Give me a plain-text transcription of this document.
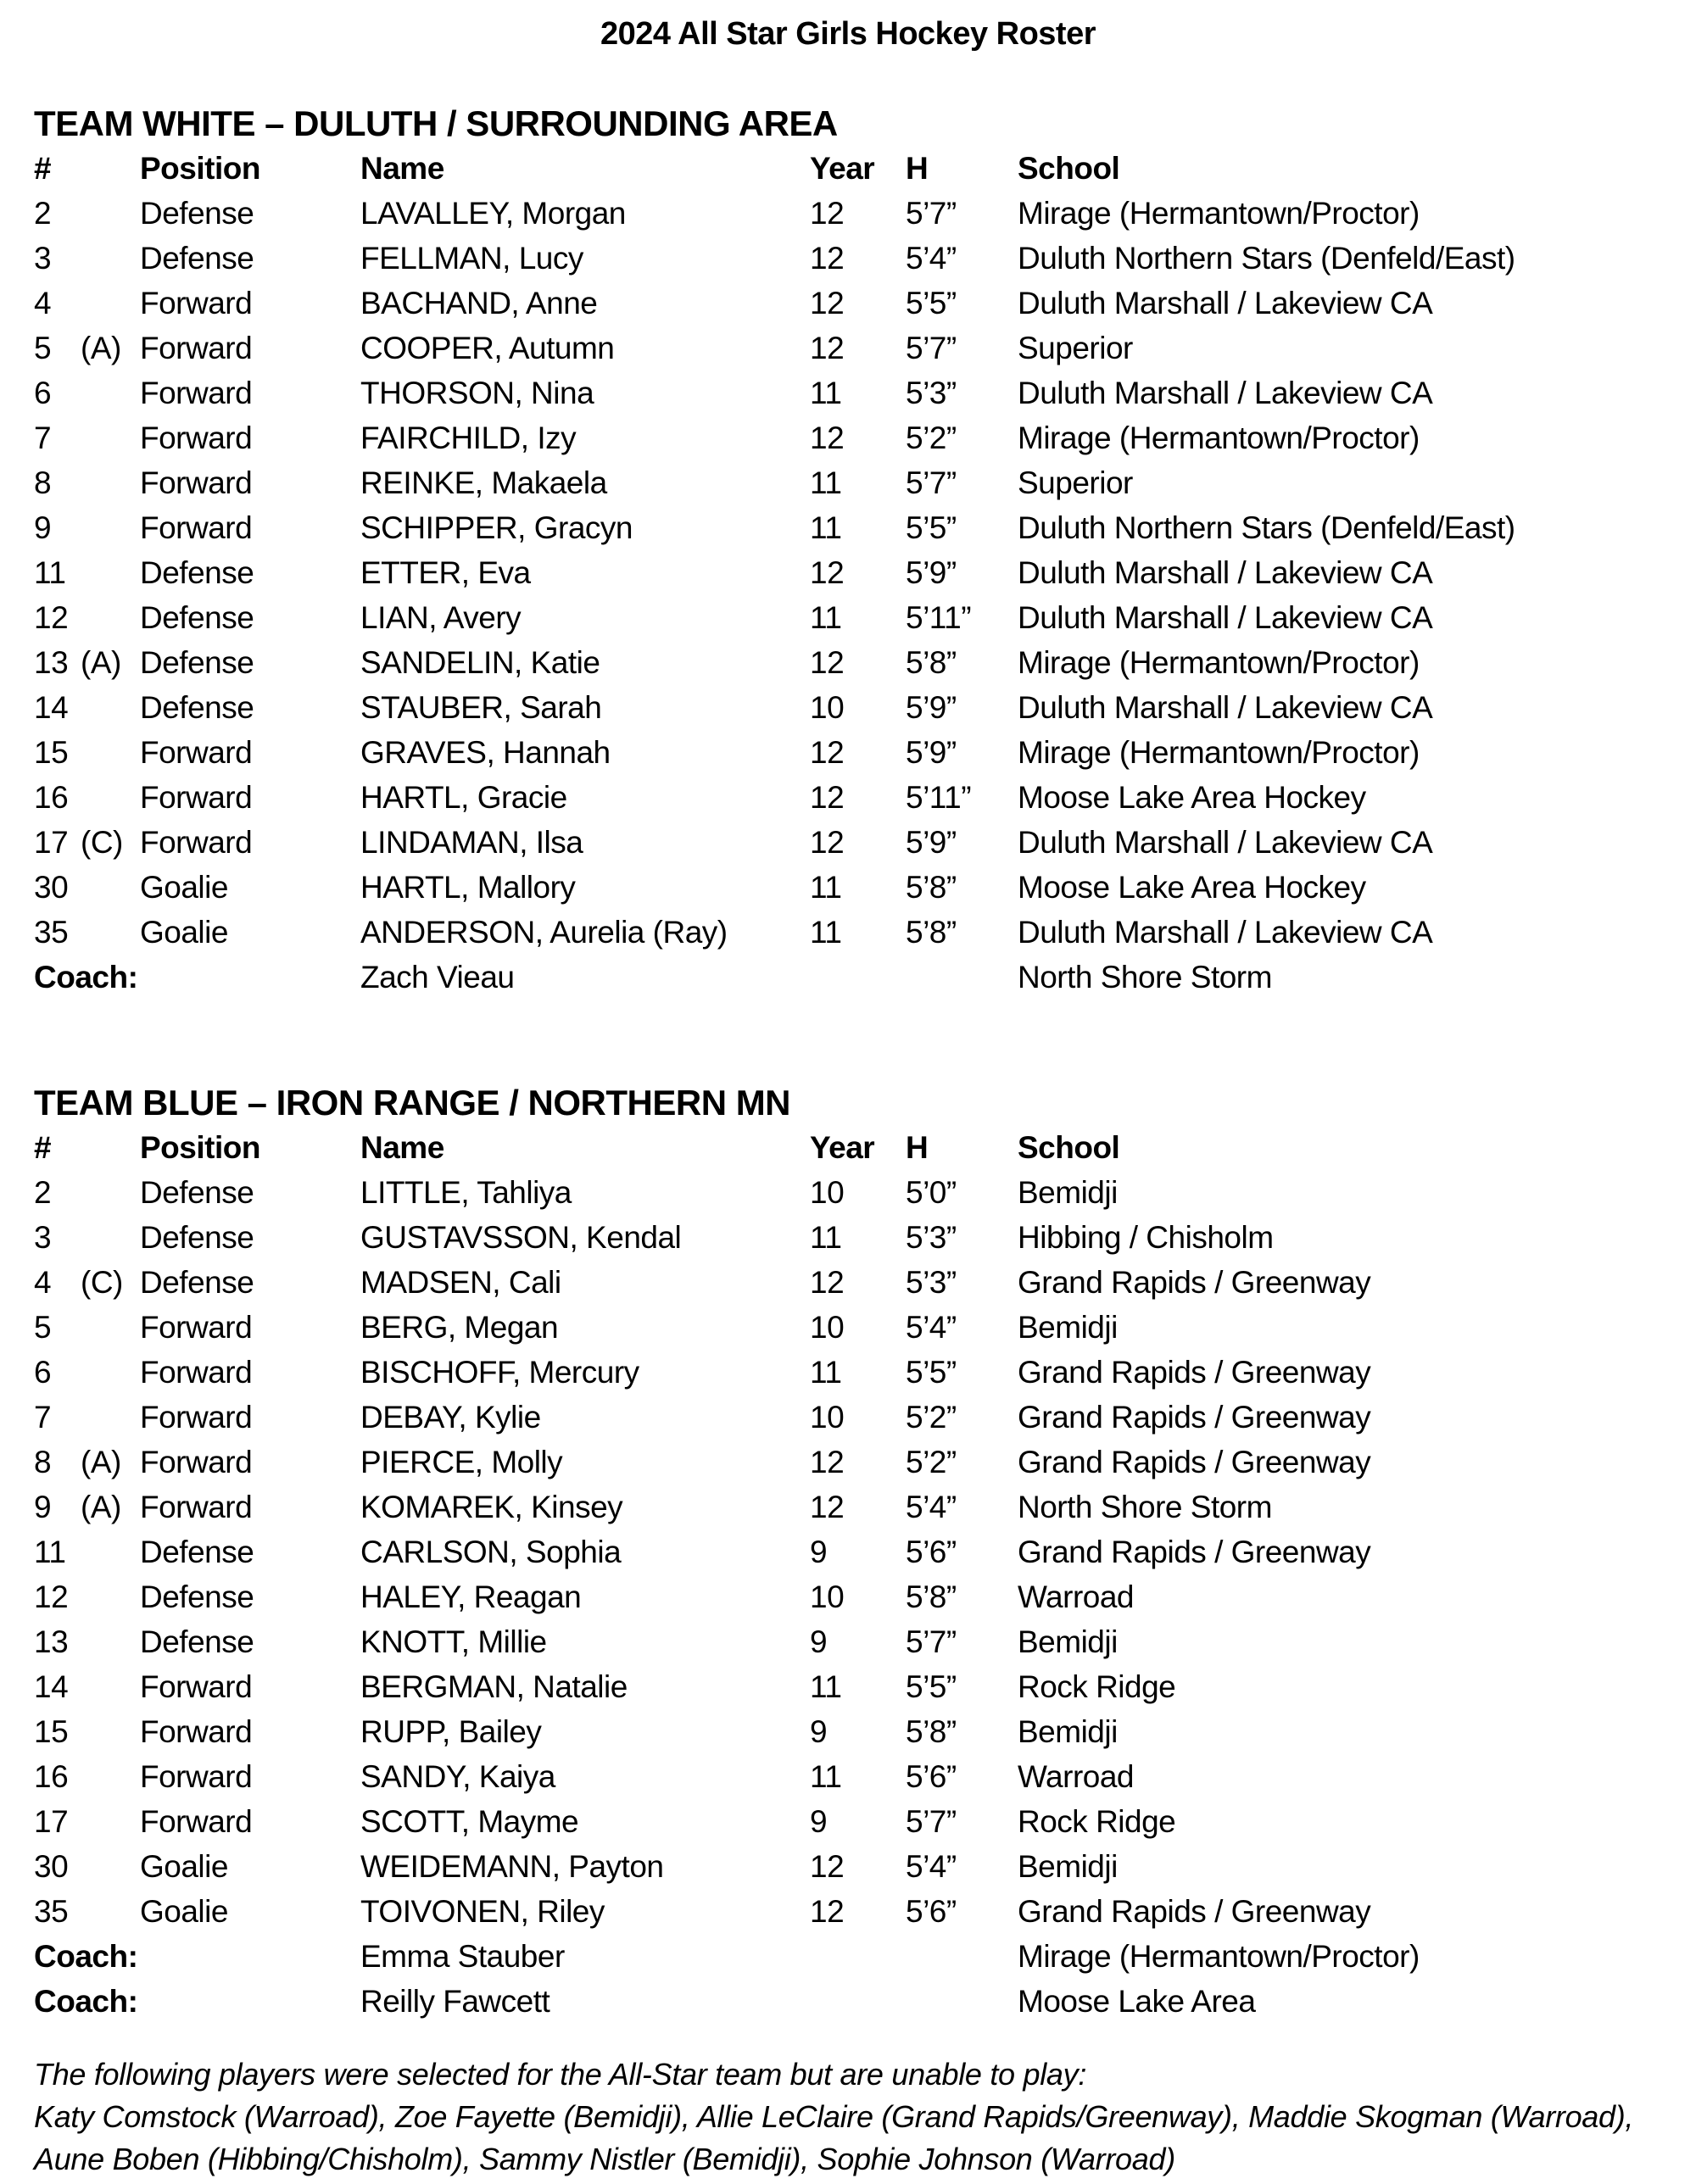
2024 All Star Girls Hockey Roster
TEAM WHITE – DULUTH / SURROUNDING AREA
#	Position	Name	Year H	School
2	Defense	LAVALLEY, Morgan	12	5’7”	Mirage (Hermantown/Proctor)
3	Defense	FELLMAN, Lucy	12	5’4”	Duluth Northern Stars (Denfeld/East)
4	Forward	BACHAND, Anne	12	5’5”	Duluth Marshall / Lakeview CA
5 (A) Forward	COOPER, Autumn	12	5’7”	Superior
6	Forward	THORSON, Nina	11	5’3”	Duluth Marshall / Lakeview CA
7	Forward	FAIRCHILD, Izy	12	5’2”	Mirage (Hermantown/Proctor)
8	Forward	REINKE, Makaela	11	5’7”	Superior
9	Forward	SCHIPPER, Gracyn	11	5’5”	Duluth Northern Stars (Denfeld/East)
11	Defense	ETTER, Eva	12	5’9”	Duluth Marshall / Lakeview CA
12	Defense	LIAN, Avery	11	5’11”	Duluth Marshall / Lakeview CA
13 (A) Defense	SANDELIN, Katie	12	5’8”	Mirage (Hermantown/Proctor)
14	Defense	STAUBER, Sarah	10	5’9”	Duluth Marshall / Lakeview CA
15	Forward	GRAVES, Hannah	12	5’9”	Mirage (Hermantown/Proctor)
16	Forward	HARTL, Gracie	12	5’11”	Moose Lake Area Hockey
17 (C) Forward	LINDAMAN, Ilsa	12	5’9”	Duluth Marshall / Lakeview CA
30	Goalie	HARTL, Mallory	11	5’8”	Moose Lake Area Hockey
35	Goalie	ANDERSON, Aurelia (Ray)	11	5’8”	Duluth Marshall / Lakeview CA
Coach:	Zach Vieau	North Shore Storm
TEAM BLUE – IRON RANGE / NORTHERN MN
#	Position	Name	Year H	School
2	Defense	LITTLE, Tahliya	10	5’0”	Bemidji
3	Defense	GUSTAVSSON, Kendal	11	5’3”	Hibbing / Chisholm
4 (C) Defense	MADSEN, Cali	12	5’3”	Grand Rapids / Greenway
5	Forward	BERG, Megan	10	5’4”	Bemidji
6	Forward	BISCHOFF, Mercury	11	5’5”	Grand Rapids / Greenway
7	Forward	DEBAY, Kylie	10	5’2”	Grand Rapids / Greenway
8 (A) Forward	PIERCE, Molly	12	5’2”	Grand Rapids / Greenway
9 (A) Forward	KOMAREK, Kinsey	12	5’4”	North Shore Storm
11	Defense	CARLSON, Sophia	9	5’6”	Grand Rapids / Greenway
12	Defense	HALEY, Reagan	10	5’8”	Warroad
13	Defense	KNOTT, Millie	9	5’7”	Bemidji
14	Forward	BERGMAN, Natalie	11	5’5”	Rock Ridge
15	Forward	RUPP, Bailey	9	5’8”	Bemidji
16	Forward	SANDY, Kaiya	11	5’6”	Warroad
17	Forward	SCOTT, Mayme	9	5’7”	Rock Ridge
30	Goalie	WEIDEMANN, Payton	12	5’4”	Bemidji
35	Goalie	TOIVONEN, Riley	12	5’6”	Grand Rapids / Greenway
Coach:	Emma Stauber	Mirage (Hermantown/Proctor)
Coach:	Reilly Fawcett	Moose Lake Area
The following players were selected for the All-Star team but are unable to play:
Katy Comstock (Warroad), Zoe Fayette (Bemidji), Allie LeClaire (Grand Rapids/Greenway), Maddie Skogman (Warroad), Aune Boben (Hibbing/Chisholm), Sammy Nistler (Bemidji), Sophie Johnson (Warroad)
